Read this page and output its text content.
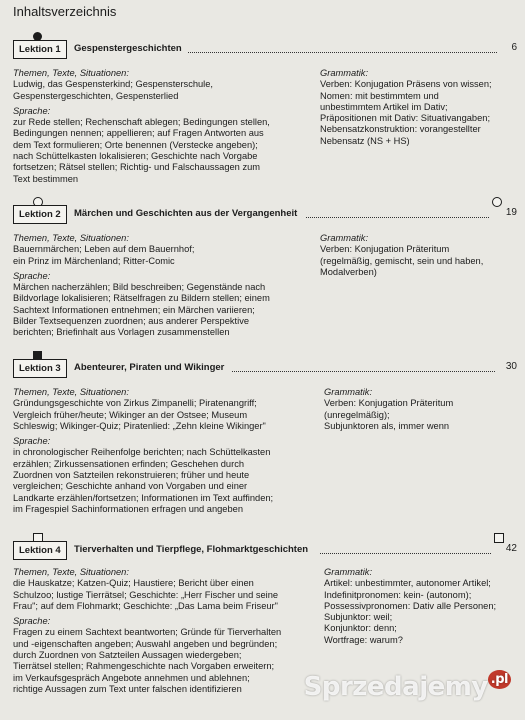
Inhaltsverzeichnis
Lektion 1	Gespenstergeschichten	6
Themen, Texte, Situationen:
Ludwig, das Gespensterkind; Gespensterschule,
Gespenstergeschichten, Gespensterlied
Sprache:
zur Rede stellen; Rechenschaft ablegen; Bedingungen stellen,
Bedingungen nennen; appellieren; auf Fragen Antworten aus
dem Text formulieren; Orte benennen (Verstecke angeben);
nach Schüttelkasten lokalisieren; Geschichte nach Vorgabe
fortsetzen; Rätsel stellen; Richtig- und Falschaussagen zum
Text bestimmen
Grammatik:
Verben: Konjugation Präsens von wissen;
Nomen: mit bestimmtem und
unbestimmtem Artikel im Dativ;
Präpositionen mit Dativ: Situativangaben;
Nebensatzkonstruktion: vorangestellter
Nebensatz (NS + HS)
Lektion 2	Märchen und Geschichten aus der Vergangenheit	19
Themen, Texte, Situationen:
Bauernmärchen; Leben auf dem Bauernhof;
ein Prinz im Märchenland; Ritter-Comic
Sprache:
Märchen nacherzählen; Bild beschreiben; Gegenstände nach
Bildvorlage lokalisieren; Rätselfragen zu Bildern stellen; einem
Sachtext Informationen entnehmen; ein Märchen variieren;
Bilder Textsequenzen zuordnen; aus anderer Perspektive
berichten; Briefinhalt aus Vorlagen zusammenstellen
Grammatik:
Verben: Konjugation Präteritum
(regelmäßig, gemischt, sein und haben,
Modalverben)
Lektion 3	Abenteurer, Piraten und Wikinger	30
Themen, Texte, Situationen:
Gründungsgeschichte von Zirkus Zimpanelli; Piratenangriff;
Vergleich früher/heute; Wikinger an der Ostsee; Museum
Schleswig; Wikinger-Quiz; Piratenlied: „Zehn kleine Wikinger"
Sprache:
in chronologischer Reihenfolge berichten; nach Schüttelkasten
erzählen; Zirkussensationen erfinden; Geschehen durch
Zuordnen von Satzteilen rekonstruieren; früher und heute
vergleichen; Geschichte anhand von Vorgaben und einer
Landkarte erzählen/fortsetzen; Informationen im Text auffinden;
im Fragespiel Sachinformationen erfragen und angeben
Grammatik:
Verben: Konjugation Präteritum
(unregelmäßig);
Subjunktoren als, immer wenn
Lektion 4	Tierverhalten und Tierpflege, Flohmarktgeschichten	42
Themen, Texte, Situationen:
die Hauskatze; Katzen-Quiz; Haustiere; Bericht über einen
Schulzoo; lustige Tierrätsel; Geschichte: „Herr Fischer und seine
Frau"; auf dem Flohmarkt; Geschichte: „Das Lama beim Friseur"
Sprache:
Fragen zu einem Sachtext beantworten; Gründe für Tierverhalten
und -eigenschaften angeben; Auswahl angeben und begründen;
durch Zuordnen von Satzteilen Aussagen wiedergeben;
Tierrätsel stellen; Rahmengeschichte nach Vorgaben erweitern;
im Verkaufsgespräch Angebote annehmen und ablehnen;
richtige Aussagen zum Text unter falschen identifizieren
Grammatik:
Artikel: unbestimmter, autonomer Artikel;
Indefinitpronomen: kein- (autonom);
Possessivpronomen: Dativ alle Personen;
Subjunktor: weil;
Konjunktor: denn;
Wortfrage: warum?
Sprzedajemy $^{.pl}$
